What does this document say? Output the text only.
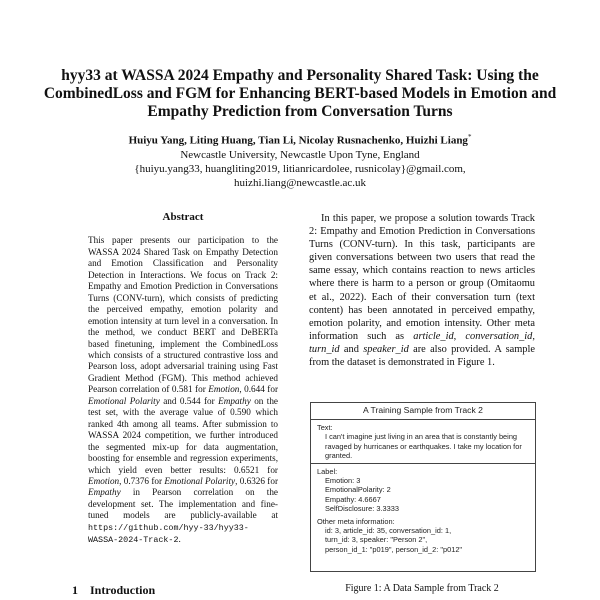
hyy33 at WASSA 2024 Empathy and Personality Shared Task: Using the CombinedLoss and FGM for Enhancing BERT-based Models in Emotion and Empathy Prediction from Conversation Turns
Huiyu Yang, Liting Huang, Tian Li, Nicolay Rusnachenko, Huizhi Liang*
Newcastle University, Newcastle Upon Tyne, England
{huiyu.yang33, huangliting2019, litianricardolee, rusnicolay}@gmail.com,
huizhi.liang@newcastle.ac.uk
Abstract
This paper presents our participation to the WASSA 2024 Shared Task on Empathy Detection and Emotion Classification and Personality Detection in Interactions. We focus on Track 2: Empathy and Emotion Prediction in Conversations Turns (CONV-turn), which consists of predicting the perceived empathy, emotion polarity and emotion intensity at turn level in a conversation. In the method, we conduct BERT and DeBERTa based finetuning, implement the CombinedLoss which consists of a structured contrastive loss and Pearson loss, adopt adversarial training using Fast Gradient Method (FGM). This method achieved Pearson correlation of 0.581 for Emotion, 0.644 for Emotional Polarity and 0.544 for Empathy on the test set, with the average value of 0.590 which ranked 4th among all teams. After submission to WASSA 2024 competition, we further introduced the segmented mix-up for data augmentation, boosting for ensemble and regression experiments, which yield even better results: 0.6521 for Emotion, 0.7376 for Emotional Polarity, 0.6326 for Empathy in Pearson correlation on the development set. The implementation and fine-tuned models are publicly-available at https://github.com/hyy-33/hyy33-WASSA-2024-Track-2.
1 Introduction

In this paper, we propose a solution towards Track 2: Empathy and Emotion Prediction in Conversations Turns (CONV-turn). In this task, participants are given conversations between two users that read the same essay, which contains reaction to news articles where there is harm to a person or group (Omitaomu et al., 2022). Each of their conversation turn (text content) has been annotated in perceived empathy, emotion polarity, and emotion intensity. Other meta information such as article_id, conversation_id, turn_id and speaker_id are also provided. A sample from the dataset is demonstrated in Figure 1.

A Training Sample from Track 2
Text:
I can't imagine just living in an area that is constantly being ravaged by hurricanes or earthquakes. I take my location for granted.
Label:
Emotion: 3
EmotionalPolarity: 2
Empathy: 4.6667
SelfDisclosure: 3.3333
Other meta information:
id: 3, article_id: 35, conversation_id: 1,
turn_id: 3, speaker: "Person 2",
person_id_1: "p019", person_id_2: "p012"
Figure 1: A Data Sample from Track 2
